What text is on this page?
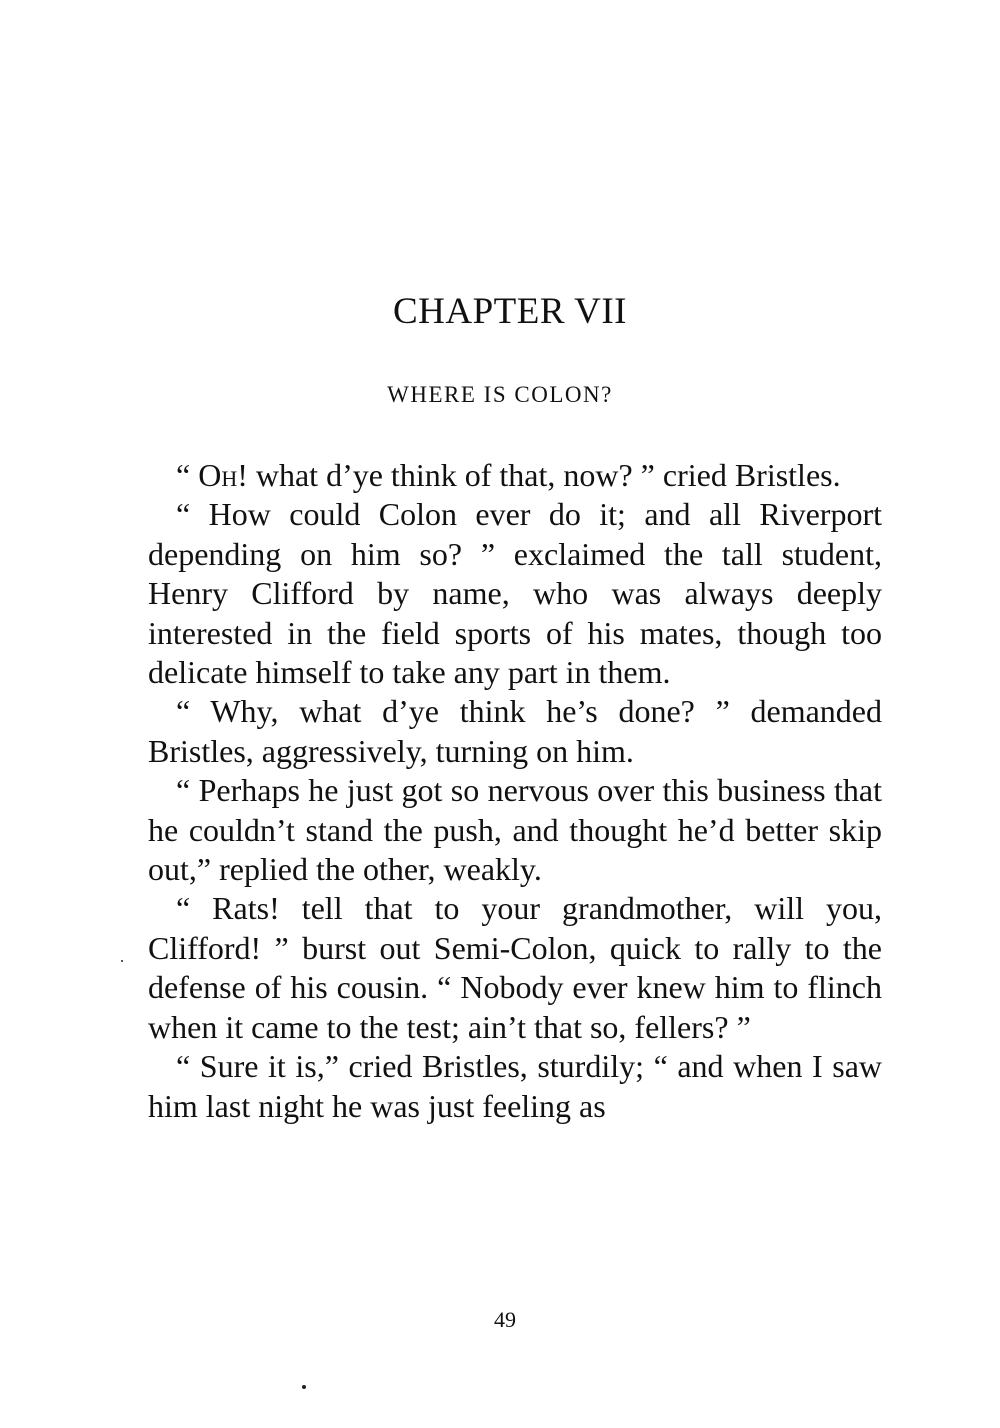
CHAPTER VII
WHERE IS COLON?

“ Oh! what d’ye think of that, now? ” cried Bristles.

“ How could Colon ever do it; and all Riverport depending on him so? ” exclaimed the tall student, Henry Clifford by name, who was always deeply interested in the field sports of his mates, though too delicate himself to take any part in them.

“ Why, what d’ye think he’s done? ” demanded Bristles, aggressively, turning on him.

“ Perhaps he just got so nervous over this business that he couldn’t stand the push, and thought he’d better skip out,” replied the other, weakly.

“ Rats! tell that to your grandmother, will you, Clifford! ” burst out Semi-Colon, quick to rally to the defense of his cousin. “ Nobody ever knew him to flinch when it came to the test; ain’t that so, fellers? ”

“ Sure it is,” cried Bristles, sturdily; “ and when I saw him last night he was just feeling as

49
